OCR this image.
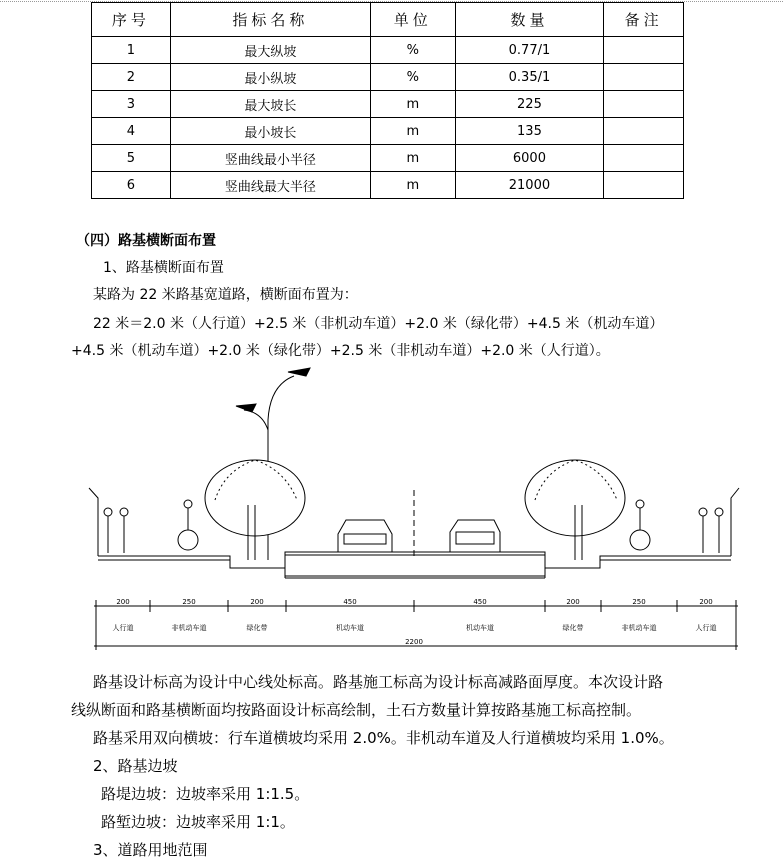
序号	指标名称	单位	数量	备注
1	最大纵坡	%	0.77/1	
2	最小纵坡	%	0.35/1	
3	最大坡长	m	225	
4	最小坡长	m	135	
5	竖曲线最小半径	m	6000	
6	竖曲线最大半径	m	21000	
（四）路基横断面布置
1、路基横断面布置
某路为 22 米路基宽道路，横断面布置为：
22 米＝2.0 米（人行道）+2.5 米（非机动车道）+2.0 米（绿化带）+4.5 米（机动车道）
+4.5 米（机动车道）+2.0 米（绿化带）+2.5 米（非机动车道）+2.0 米（人行道）。
200	250	200	450	450	200	250	200
人行道	非机动车道	绿化带	机动车道	机动车道	绿化带	非机动车道	人行道
2200
路基设计标高为设计中心线处标高。路基施工标高为设计标高减路面厚度。本次设计路
线纵断面和路基横断面均按路面设计标高绘制，土石方数量计算按路基施工标高控制。
路基采用双向横坡：行车道横坡均采用 2.0%。非机动车道及人行道横坡均采用 1.0%。
2、路基边坡
路堤边坡：边坡率采用 1:1.5。
路堑边坡：边坡率采用 1:1。
3、道路用地范围
